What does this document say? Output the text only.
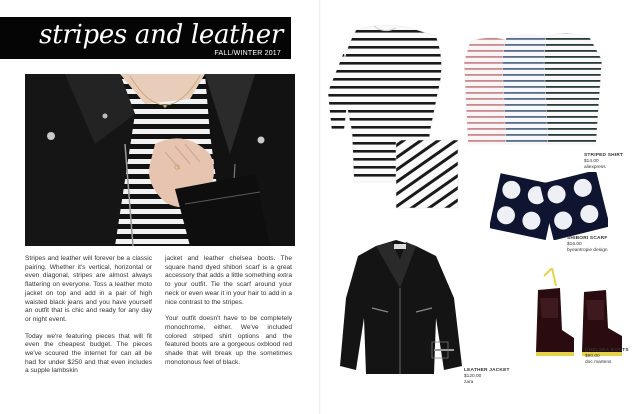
stripes and leather
FALL/WINTER 2017

Stripes and leather will forever be a classic pairing. Whether it's vertical, horizontal or even diagonal, stripes are almost always flattering on everyone. Toss a leather moto jacket on top and add in a pair of high waisted black jeans and you have yourself an outfit that is chic and ready for any day or night event.

Today we're featuring pieces that will fit even the cheapest budget. The pieces we've scoured the internet for can all be had for under $250 and that even includes a supple lambskin

jacket and leather chelsea boots. The square hand dyed shibori scarf is a great accessory that adds a little something extra to your outfit. Tie the scarf around your neck or even wear it in your hair to add in a nice contrast to the stripes.

Your outfit doesn't have to be completely monochrome, either. We've included colored striped shirt options and the featured boots are a gorgeous oxblood red shade that will break up the sometimes monotonous feel of black.

STRIPED SHIRT
$14.00
aliexpress
SHIBORI SCARF
$16.00
byeantropie design
LEATHER JACKET
$120.00
zara
CHELSEA BOOTS
$90.00
doc martens
